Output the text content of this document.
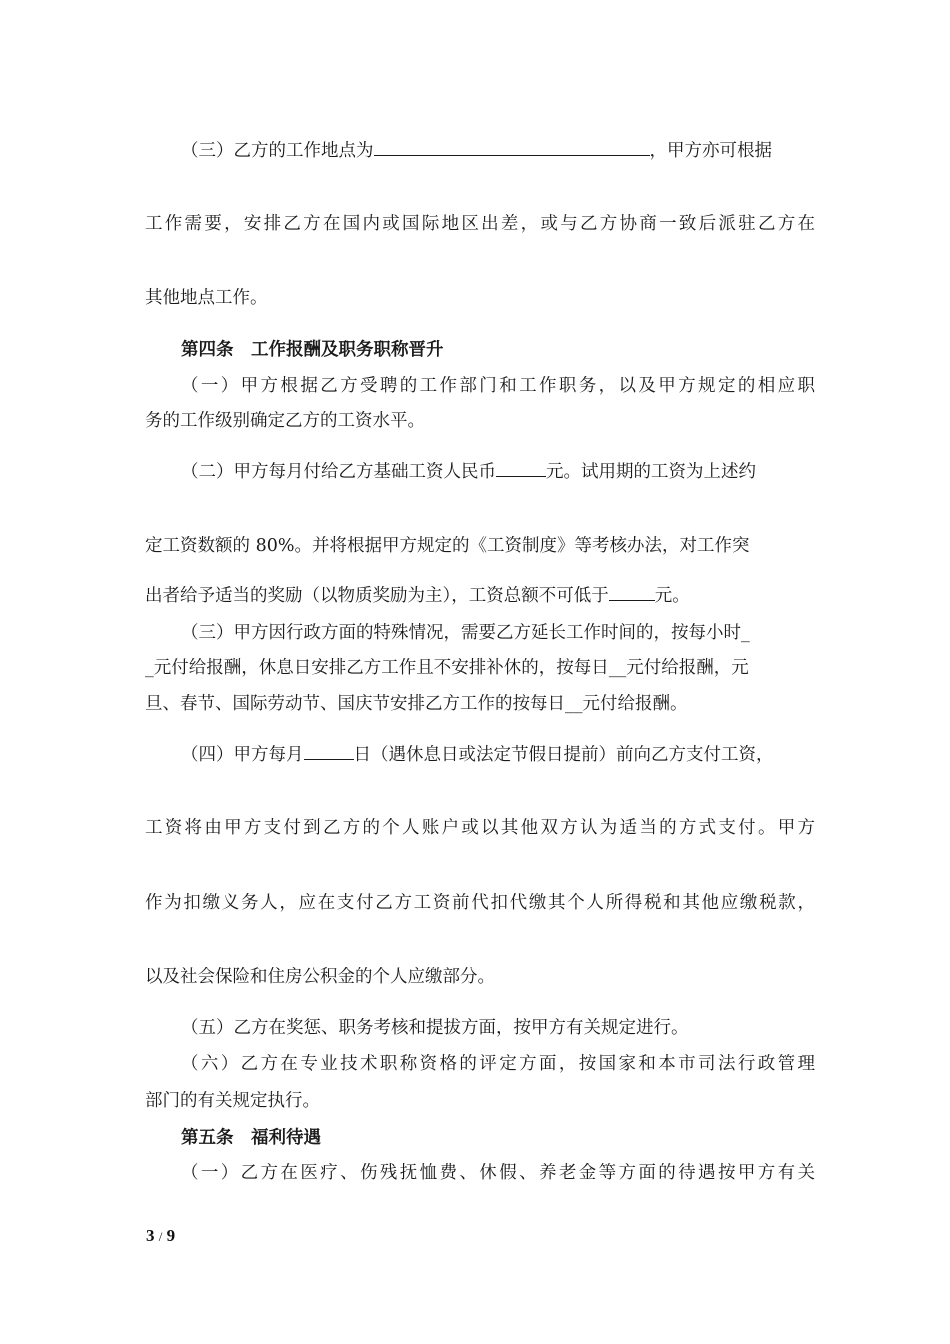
（三）乙方的工作地点为	，甲方亦可根据
工作需要，安排乙方在国内或国际地区出差，或与乙方协商一致后派驻乙方在
其他地点工作。
第四条　工作报酬及职务职称晋升
（一）甲方根据乙方受聘的工作部门和工作职务，以及甲方规定的相应职
务的工作级别确定乙方的工资水平。
（二）甲方每月付给乙方基础工资人民币	元。试用期的工资为上述约
定工资数额的 80%。并将根据甲方规定的《工资制度》等考核办法，对工作突
出者给予适当的奖励（以物质奖励为主），工资总额不可低于	元。
（三）甲方因行政方面的特殊情况，需要乙方延长工作时间的，按每小时_
_元付给报酬，休息日安排乙方工作且不安排补休的，按每日__元付给报酬，元
旦、春节、国际劳动节、国庆节安排乙方工作的按每日__元付给报酬。
（四）甲方每月	日（遇休息日或法定节假日提前）前向乙方支付工资，
工资将由甲方支付到乙方的个人账户或以其他双方认为适当的方式支付。甲方
作为扣缴义务人，应在支付乙方工资前代扣代缴其个人所得税和其他应缴税款，
以及社会保险和住房公积金的个人应缴部分。
（五）乙方在奖惩、职务考核和提拔方面，按甲方有关规定进行。
（六）乙方在专业技术职称资格的评定方面，按国家和本市司法行政管理
部门的有关规定执行。
第五条　福利待遇
（一）乙方在医疗、伤残抚恤费、休假、养老金等方面的待遇按甲方有关
3 / 9
